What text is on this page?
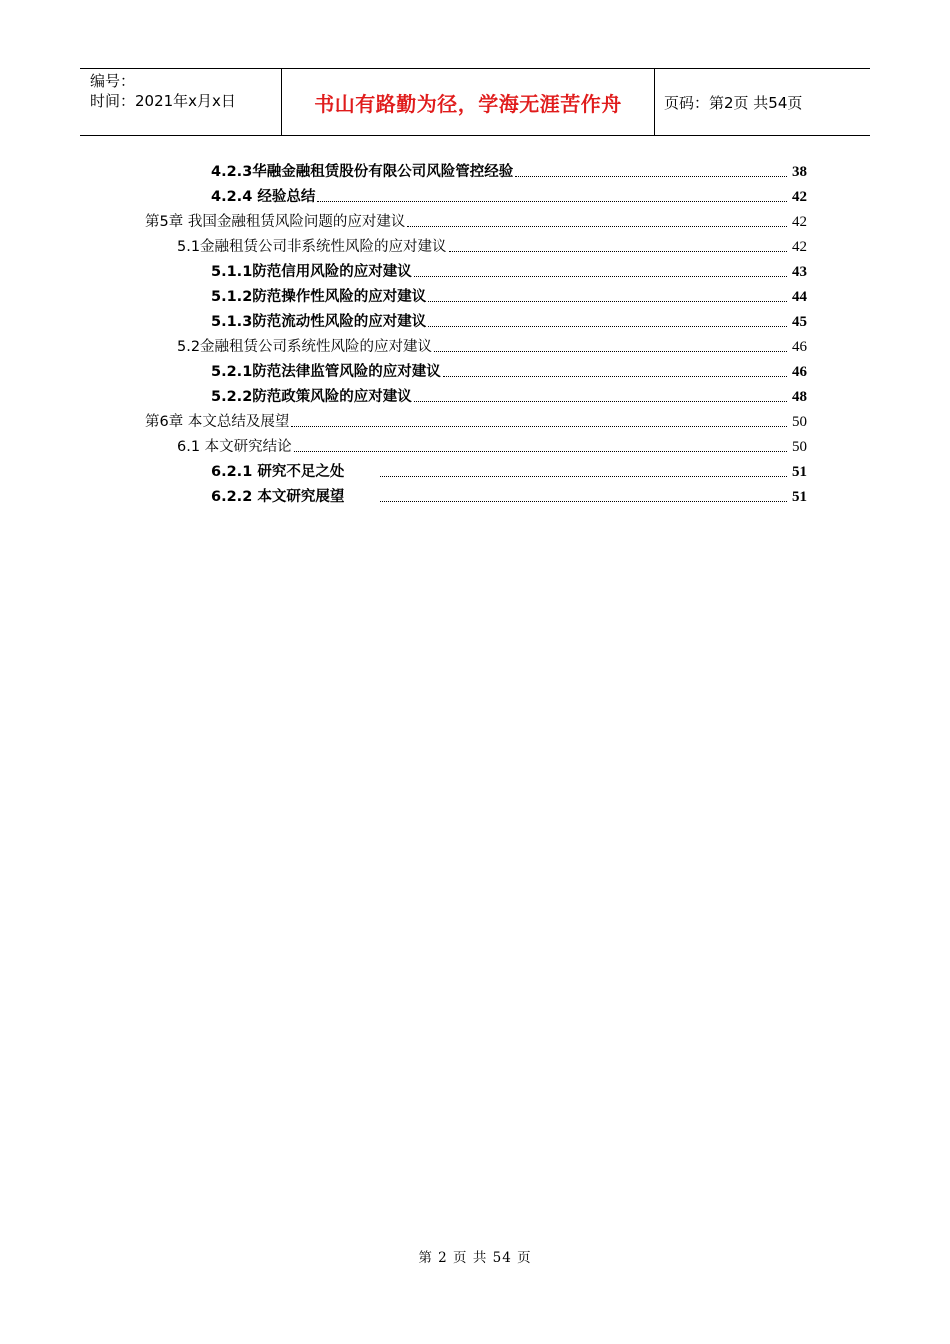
编号：
时间：2021年x月x日	书山有路勤为径，学海无涯苦作舟	页码：第2页 共54页
4.2.3华融金融租赁股份有限公司风险管控经验	38
4.2.4 经验总结	42
第5章 我国金融租赁风险问题的应对建议	42
5.1金融租赁公司非系统性风险的应对建议	42
5.1.1防范信用风险的应对建议	43
5.1.2防范操作性风险的应对建议	44
5.1.3防范流动性风险的应对建议	45
5.2金融租赁公司系统性风险的应对建议	46
5.2.1防范法律监管风险的应对建议	46
5.2.2防范政策风险的应对建议	48
第6章 本文总结及展望	50
6.1 本文研究结论	50
6.2.1 研究不足之处	51
6.2.2 本文研究展望	51
第 2 页 共 54 页
